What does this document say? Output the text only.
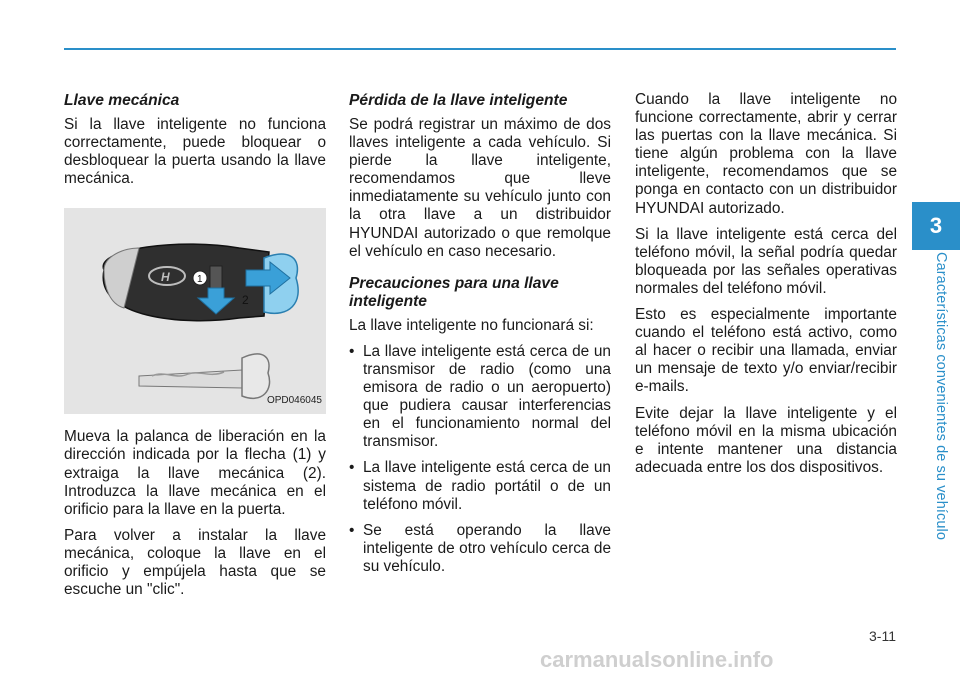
Llave mecánica

Si la llave inteligente no funciona correctamente, puede bloquear o desbloquear la puerta usando la llave mecánica.

H	1
2
OPD046045

Mueva la palanca de liberación en la dirección indicada por la flecha (1) y extraiga la llave mecánica (2). Introduzca la llave mecánica en el orificio para la llave en la puerta.

Para volver a instalar la llave mecánica, coloque la llave en el orificio y empújela hasta que se escuche un "clic".

Pérdida de la llave inteligente

Se podrá registrar un máximo de dos llaves inteligente a cada vehículo. Si pierde la llave inteligente, recomendamos que lleve inmediatamente su vehículo junto con la otra llave a un distribuidor HYUNDAI autorizado o que remolque el vehículo en caso necesario.

Precauciones para una llave inteligente

La llave inteligente no funcionará si:

• La llave inteligente está cerca de un transmisor de radio (como una emisora de radio o un aeropuerto) que pudiera causar interferencias en el funcionamiento normal del transmisor.
• La llave inteligente está cerca de un sistema de radio portátil o de un teléfono móvil.
• Se está operando la llave inteligente de otro vehículo cerca de su vehículo.

Cuando la llave inteligente no funcione correctamente, abrir y cerrar las puertas con la llave mecánica. Si tiene algún problema con la llave inteligente, recomendamos que se ponga en contacto con un distribuidor HYUNDAI autorizado.

Si la llave inteligente está cerca del teléfono móvil, la señal podría quedar bloqueada por las señales operativas normales del teléfono móvil.

Esto es especialmente importante cuando el teléfono está activo, como al hacer o recibir una llamada, enviar un mensaje de texto y/o enviar/recibir e-mails.

Evite dejar la llave inteligente y el teléfono móvil en la misma ubicación e intente mantener una distancia adecuada entre los dos dispositivos.

3
Características convenientes de su vehículo
3-11
carmanualsonline.info
